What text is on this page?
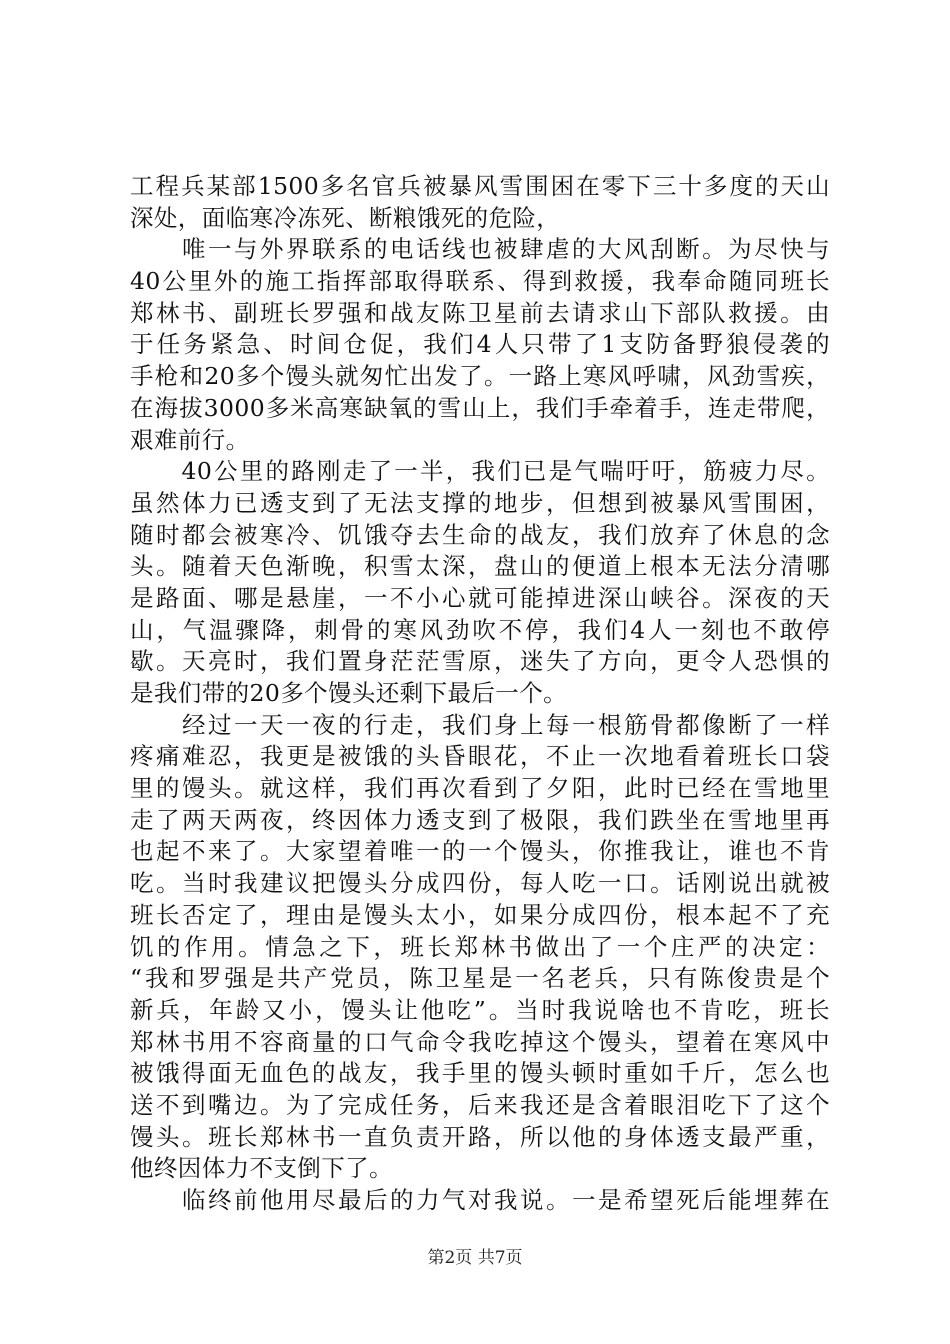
工程兵某部1500多名官兵被暴风雪围困在零下三十多度的天山
深处，面临寒冷冻死、断粮饿死的危险，
　　唯一与外界联系的电话线也被肆虐的大风刮断。为尽快与
40公里外的施工指挥部取得联系、得到救援，我奉命随同班长
郑林书、副班长罗强和战友陈卫星前去请求山下部队救援。由
于任务紧急、时间仓促，我们4人只带了1支防备野狼侵袭的
手枪和20多个馒头就匆忙出发了。一路上寒风呼啸，风劲雪疾，
在海拔3000多米高寒缺氧的雪山上，我们手牵着手，连走带爬，
艰难前行。
　　40公里的路刚走了一半，我们已是气喘吁吁，筋疲力尽。
虽然体力已透支到了无法支撑的地步，但想到被暴风雪围困，
随时都会被寒冷、饥饿夺去生命的战友，我们放弃了休息的念
头。随着天色渐晚，积雪太深，盘山的便道上根本无法分清哪
是路面、哪是悬崖，一不小心就可能掉进深山峡谷。深夜的天
山，气温骤降，刺骨的寒风劲吹不停，我们4人一刻也不敢停
歇。天亮时，我们置身茫茫雪原，迷失了方向，更令人恐惧的
是我们带的20多个馒头还剩下最后一个。
　　经过一天一夜的行走，我们身上每一根筋骨都像断了一样
疼痛难忍，我更是被饿的头昏眼花，不止一次地看着班长口袋
里的馒头。就这样，我们再次看到了夕阳，此时已经在雪地里
走了两天两夜，终因体力透支到了极限，我们跌坐在雪地里再
也起不来了。大家望着唯一的一个馒头，你推我让，谁也不肯
吃。当时我建议把馒头分成四份，每人吃一口。话刚说出就被
班长否定了，理由是馒头太小，如果分成四份，根本起不了充
饥的作用。情急之下，班长郑林书做出了一个庄严的决定：
“我和罗强是共产党员，陈卫星是一名老兵，只有陈俊贵是个
新兵，年龄又小，馒头让他吃”。当时我说啥也不肯吃，班长
郑林书用不容商量的口气命令我吃掉这个馒头，望着在寒风中
被饿得面无血色的战友，我手里的馒头顿时重如千斤，怎么也
送不到嘴边。为了完成任务，后来我还是含着眼泪吃下了这个
馒头。班长郑林书一直负责开路，所以他的身体透支最严重，
他终因体力不支倒下了。
　　临终前他用尽最后的力气对我说。一是希望死后能埋葬在
第2页 共7页
